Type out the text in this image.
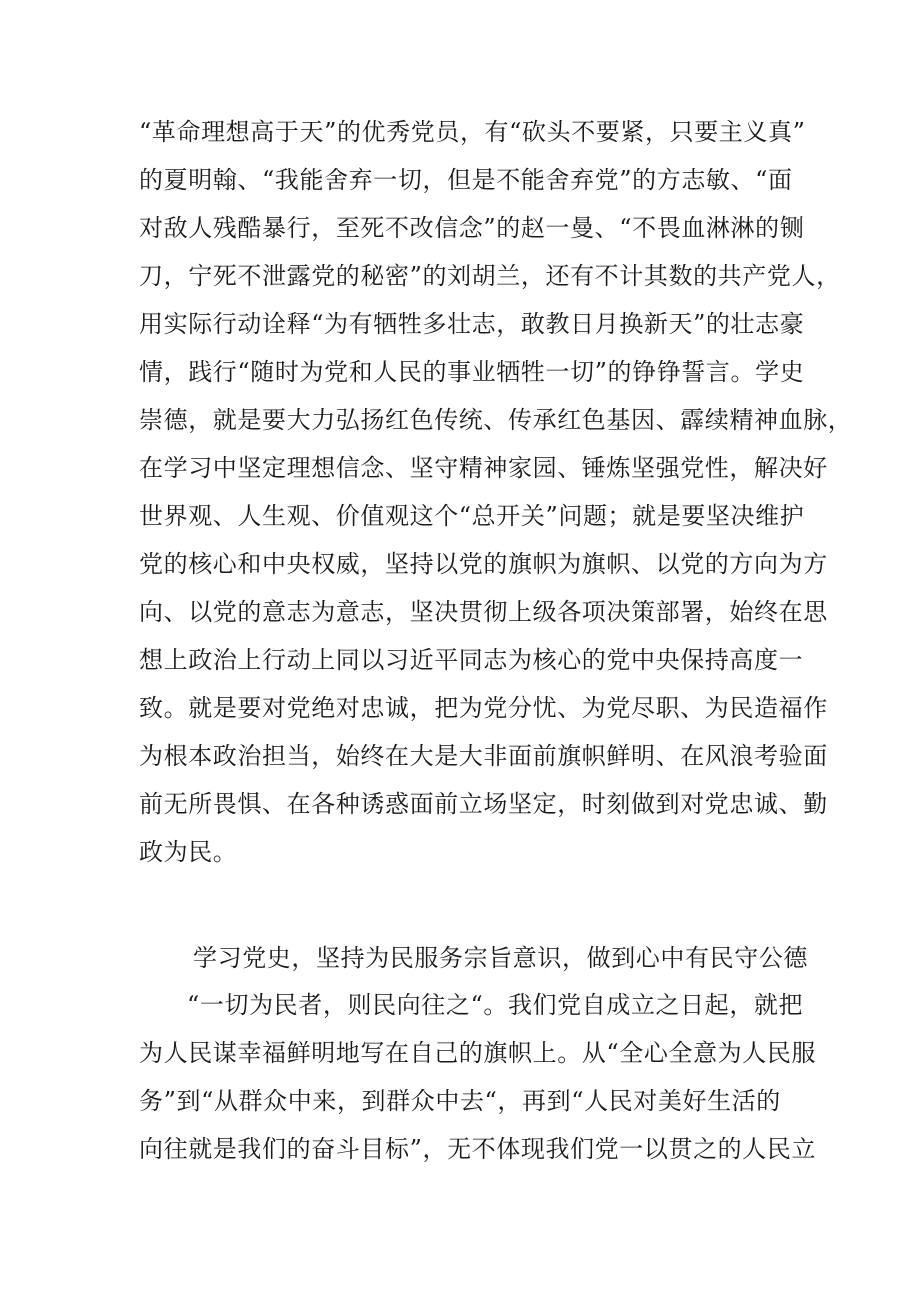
“革命理想高于天”的优秀党员，有“砍头不要紧，只要主义真”
的夏明翰、“我能舍弃一切，但是不能舍弃党”的方志敏、“面
对敌人残酷暴行，至死不改信念”的赵一曼、“不畏血淋淋的铡
刀，宁死不泄露党的秘密”的刘胡兰，还有不计其数的共产党人，
用实际行动诠释“为有牺牲多壮志，敢教日月换新天”的壮志豪
情，践行“随时为党和人民的事业牺牲一切”的铮铮誓言。学史
崇德，就是要大力弘扬红色传统、传承红色基因、霹续精神血脉，
在学习中坚定理想信念、坚守精神家园、锤炼坚强党性，解决好
世界观、人生观、价值观这个“总开关”问题；就是要坚决维护
党的核心和中央权威，坚持以党的旗帜为旗帜、以党的方向为方
向、以党的意志为意志，坚决贯彻上级各项决策部署，始终在思
想上政治上行动上同以习近平同志为核心的党中央保持高度一
致。就是要对党绝对忠诚，把为党分忧、为党尽职、为民造福作
为根本政治担当，始终在大是大非面前旗帜鲜明、在风浪考验面
前无所畏惧、在各种诱惑面前立场坚定，时刻做到对党忠诚、勤
政为民。
学习党史，坚持为民服务宗旨意识，做到心中有民守公德
“一切为民者，则民向往之“。我们党自成立之日起，就把
为人民谋幸福鲜明地写在自己的旗帜上。从“全心全意为人民服
务”到“从群众中来，到群众中去“，再到“人民对美好生活的
向往就是我们的奋斗目标”，无不体现我们党一以贯之的人民立
